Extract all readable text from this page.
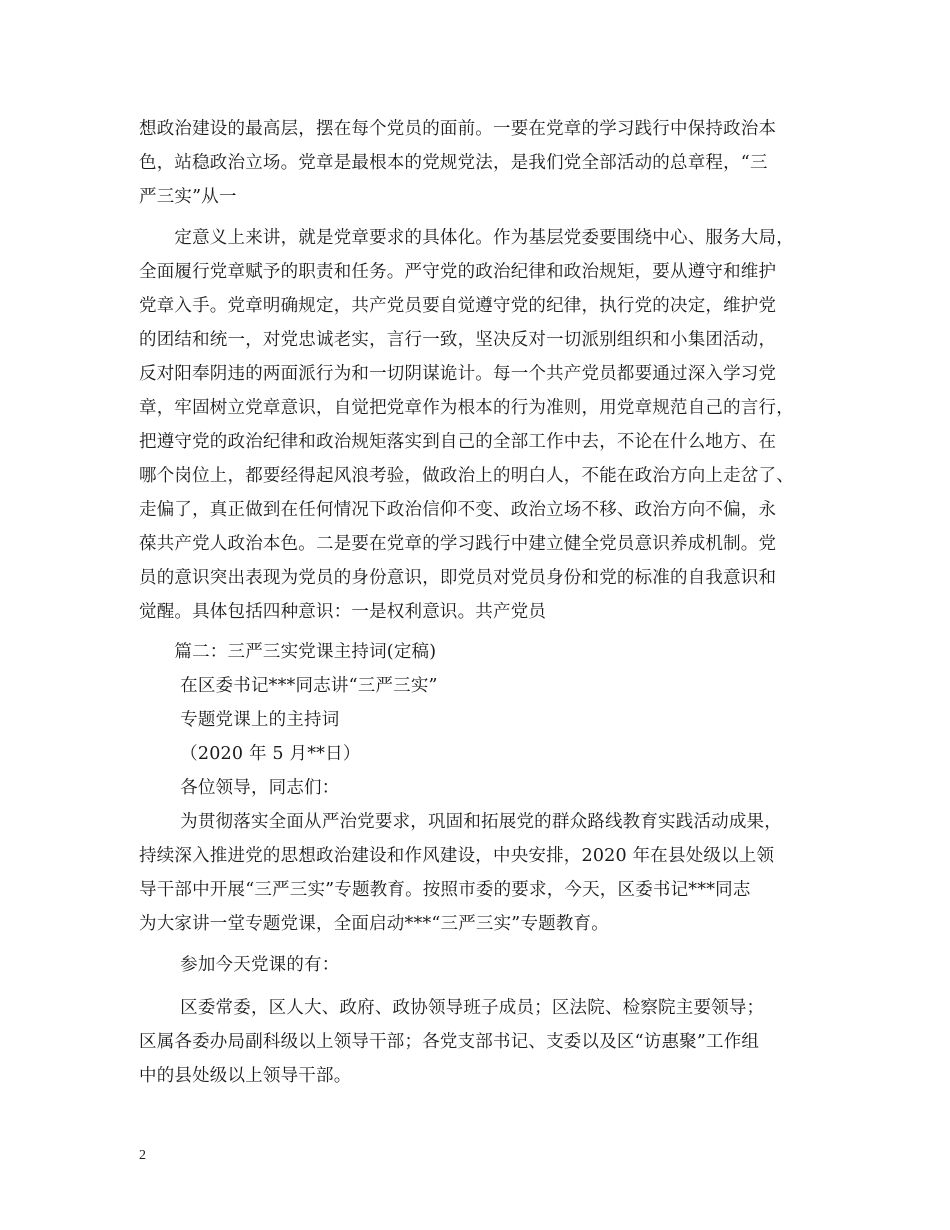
想政治建设的最高层，摆在每个党员的面前。一要在党章的学习践行中保持政治本
色，站稳政治立场。党章是最根本的党规党法，是我们党全部活动的总章程，“三
严三实”从一
　　定意义上来讲，就是党章要求的具体化。作为基层党委要围绕中心、服务大局，
全面履行党章赋予的职责和任务。严守党的政治纪律和政治规矩，要从遵守和维护
党章入手。党章明确规定，共产党员要自觉遵守党的纪律，执行党的决定，维护党
的团结和统一，对党忠诚老实，言行一致，坚决反对一切派别组织和小集团活动，
反对阳奉阴违的两面派行为和一切阴谋诡计。每一个共产党员都要通过深入学习党
章，牢固树立党章意识，自觉把党章作为根本的行为准则，用党章规范自己的言行，
把遵守党的政治纪律和政治规矩落实到自己的全部工作中去，不论在什么地方、在
哪个岗位上，都要经得起风浪考验，做政治上的明白人，不能在政治方向上走岔了、
走偏了，真正做到在任何情况下政治信仰不变、政治立场不移、政治方向不偏，永
葆共产党人政治本色。二是要在党章的学习践行中建立健全党员意识养成机制。党
员的意识突出表现为党员的身份意识，即党员对党员身份和党的标准的自我意识和
觉醒。具体包括四种意识：一是权利意识。共产党员
　　篇二：三严三实党课主持词(定稿)
　　 在区委书记***同志讲“三严三实”
　　 专题党课上的主持词
　　 （2020 年 5 月**日）
　　 各位领导，同志们：
　　 为贯彻落实全面从严治党要求，巩固和拓展党的群众路线教育实践活动成果，
持续深入推进党的思想政治建设和作风建设，中央安排，2020 年在县处级以上领
导干部中开展“三严三实”专题教育。按照市委的要求，今天，区委书记***同志
为大家讲一堂专题党课，全面启动***“三严三实”专题教育。
　　 参加今天党课的有：
　　 区委常委，区人大、政府、政协领导班子成员；区法院、检察院主要领导；
区属各委办局副科级以上领导干部；各党支部书记、支委以及区“访惠聚”工作组
中的县处级以上领导干部。
2
